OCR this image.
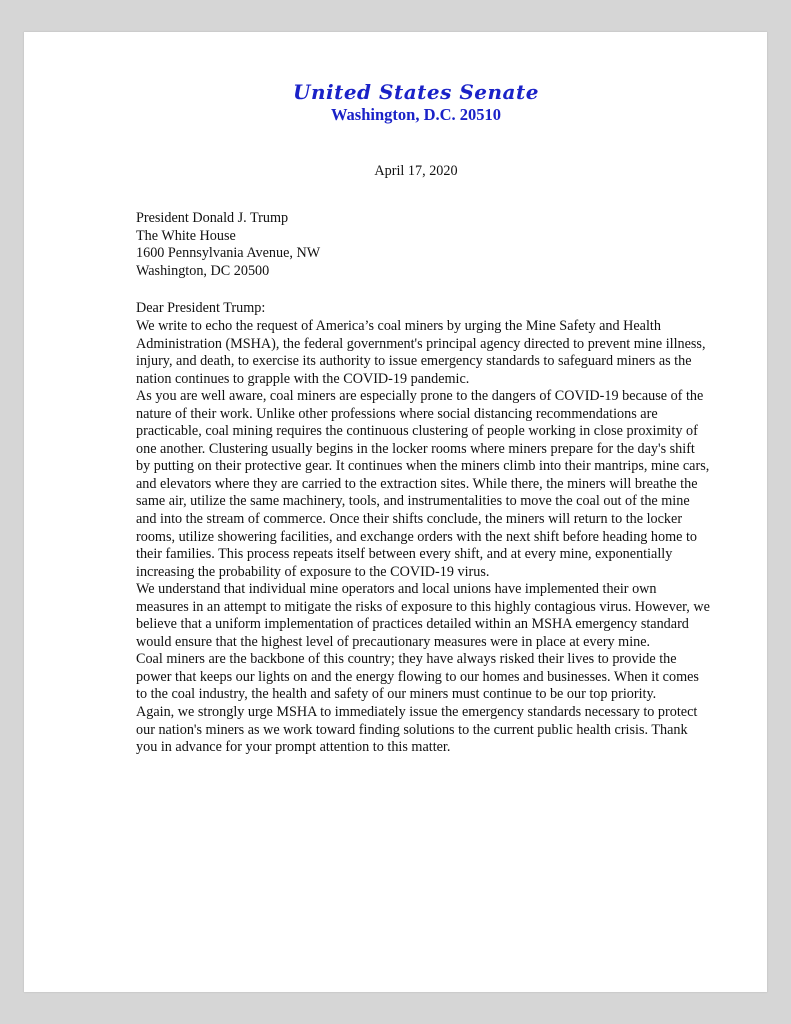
United States Senate
Washington, D.C. 20510
April 17, 2020
President Donald J. Trump
The White House
1600 Pennsylvania Avenue, NW
Washington, DC 20500
Dear President Trump:

We write to echo the request of America’s coal miners by urging the Mine Safety and Health Administration (MSHA), the federal government's principal agency directed to prevent mine illness, injury, and death, to exercise its authority to issue emergency standards to safeguard miners as the nation continues to grapple with the COVID-19 pandemic.

As you are well aware, coal miners are especially prone to the dangers of COVID-19 because of the nature of their work. Unlike other professions where social distancing recommendations are practicable, coal mining requires the continuous clustering of people working in close proximity of one another. Clustering usually begins in the locker rooms where miners prepare for the day's shift by putting on their protective gear. It continues when the miners climb into their mantrips, mine cars, and elevators where they are carried to the extraction sites. While there, the miners will breathe the same air, utilize the same machinery, tools, and instrumentalities to move the coal out of the mine and into the stream of commerce. Once their shifts conclude, the miners will return to the locker rooms, utilize showering facilities, and exchange orders with the next shift before heading home to their families. This process repeats itself between every shift, and at every mine, exponentially increasing the probability of exposure to the COVID-19 virus.

We understand that individual mine operators and local unions have implemented their own measures in an attempt to mitigate the risks of exposure to this highly contagious virus. However, we believe that a uniform implementation of practices detailed within an MSHA emergency standard would ensure that the highest level of precautionary measures were in place at every mine.

Coal miners are the backbone of this country; they have always risked their lives to provide the power that keeps our lights on and the energy flowing to our homes and businesses. When it comes to the coal industry, the health and safety of our miners must continue to be our top priority.

Again, we strongly urge MSHA to immediately issue the emergency standards necessary to protect our nation's miners as we work toward finding solutions to the current public health crisis. Thank you in advance for your prompt attention to this matter.
